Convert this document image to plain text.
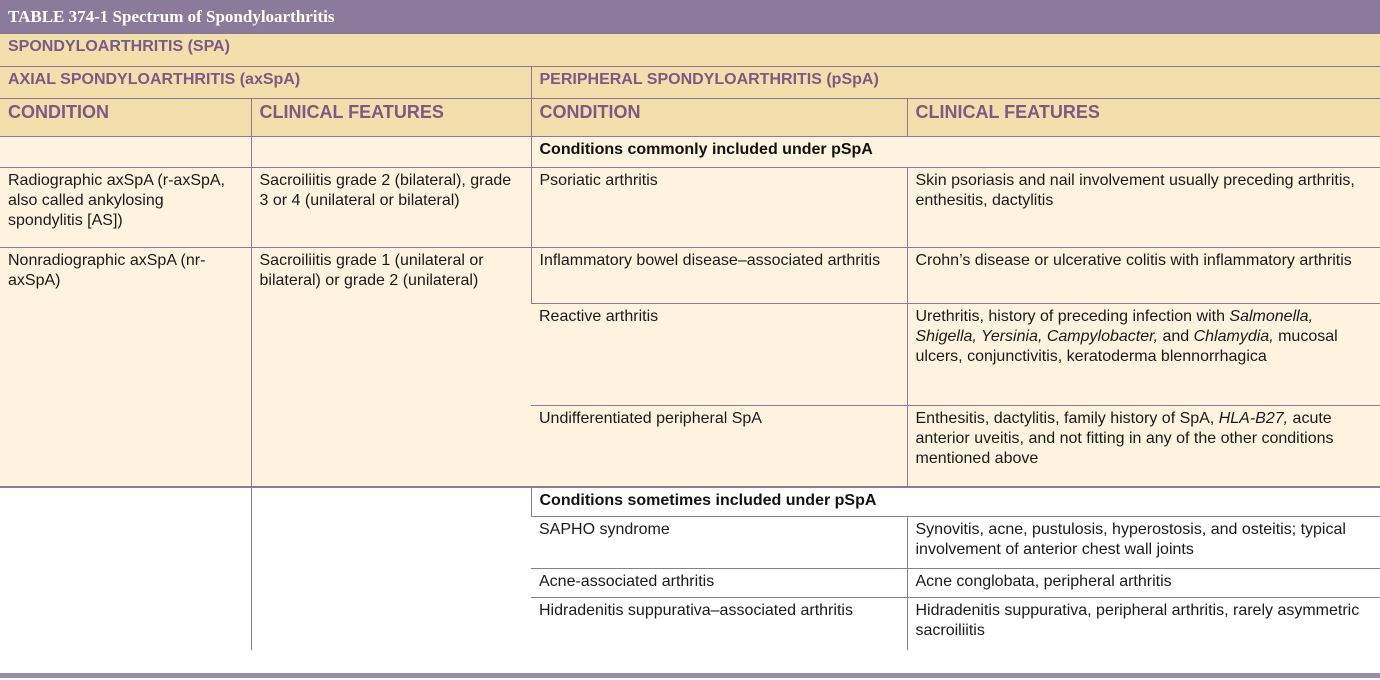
TABLE 374-1 Spectrum of Spondyloarthritis
SPONDYLOARTHRITIS (SPA)			
AXIAL SPONDYLOARTHRITIS (axSpA)		PERIPHERAL SPONDYLOARTHRITIS (pSpA)	
CONDITION	CLINICAL FEATURES	CONDITION	CLINICAL FEATURES
		Conditions commonly included under pSpA	
Radiographic axSpA (r-axSpA, also called ankylosing spondylitis [AS])	Sacroiliitis grade 2 (bilateral), grade 3 or 4 (unilateral or bilateral)	Psoriatic arthritis	Skin psoriasis and nail involvement usually preceding arthritis, enthesitis, dactylitis
Nonradiographic axSpA (nr-axSpA)	Sacroiliitis grade 1 (unilateral or bilateral) or grade 2 (unilateral)	Inflammatory bowel disease–associated arthritis	Crohn’s disease or ulcerative colitis with inflammatory arthritis
		Reactive arthritis	Urethritis, history of preceding infection with Salmonella, Shigella, Yersinia, Campylobacter, and Chlamydia, mucosal ulcers, conjunctivitis, keratoderma blennorrhagica
		Undifferentiated peripheral SpA	Enthesitis, dactylitis, family history of SpA, HLA-B27, acute anterior uveitis, and not fitting in any of the other conditions mentioned above

		Conditions sometimes included under pSpA	
		SAPHO syndrome	Synovitis, acne, pustulosis, hyperostosis, and osteitis; typical involvement of anterior chest wall joints
		Acne-associated arthritis	Acne conglobata, peripheral arthritis
		Hidradenitis suppurativa–associated arthritis	Hidradenitis suppurativa, peripheral arthritis, rarely asymmetric sacroiliitis
